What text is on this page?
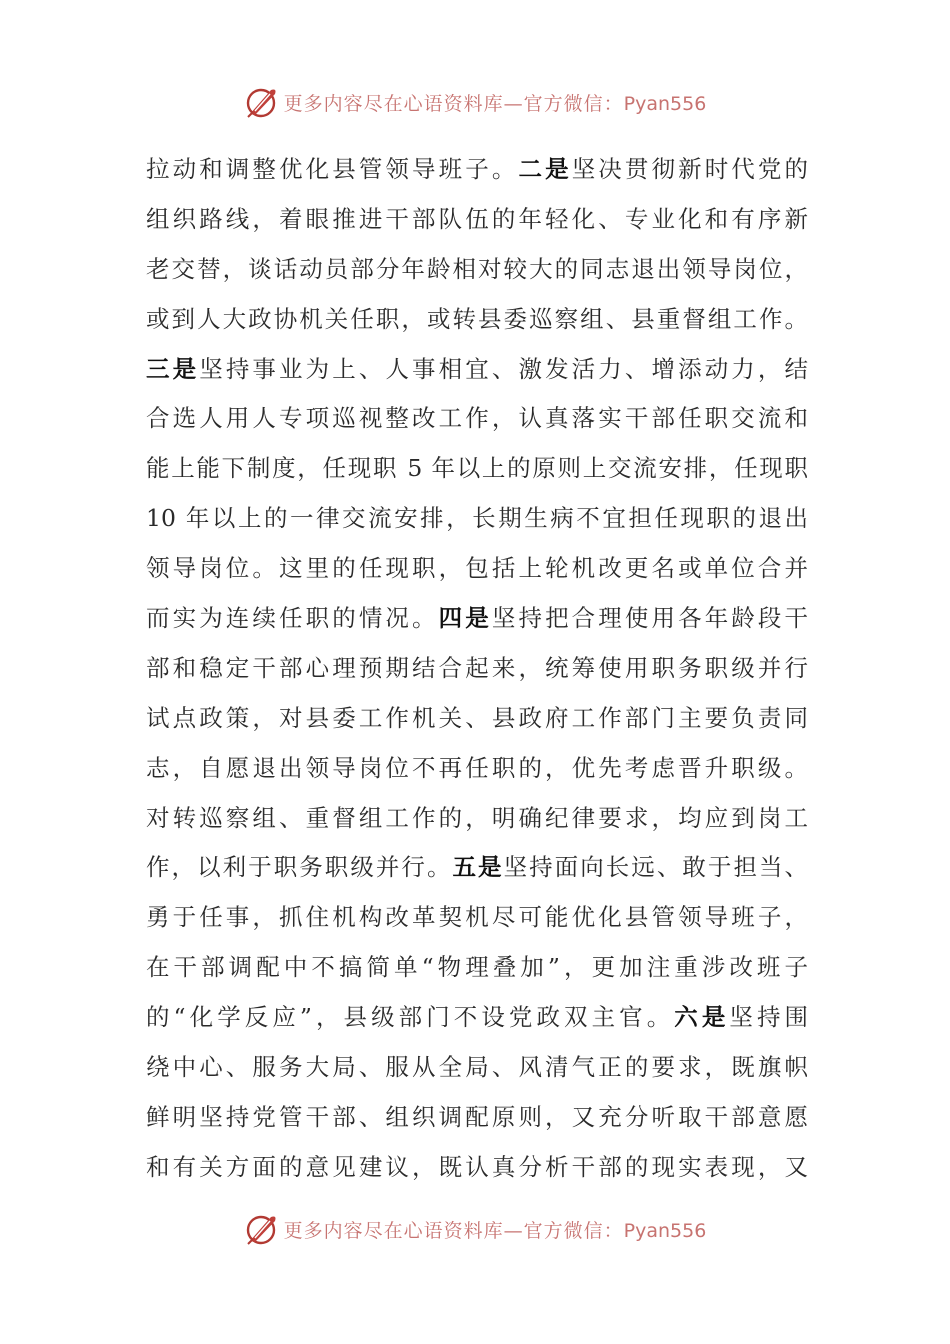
更多内容尽在心语资料库—官方微信：Pyan556
拉动和调整优化县管领导班子。二是坚决贯彻新时代党的
组织路线，着眼推进干部队伍的年轻化、专业化和有序新
老交替，谈话动员部分年龄相对较大的同志退出领导岗位，
或到人大政协机关任职，或转县委巡察组、县重督组工作。
三是坚持事业为上、人事相宜、激发活力、增添动力，结
合选人用人专项巡视整改工作，认真落实干部任职交流和
能上能下制度，任现职 5 年以上的原则上交流安排，任现职
10 年以上的一律交流安排，长期生病不宜担任现职的退出
领导岗位。这里的任现职，包括上轮机改更名或单位合并
而实为连续任职的情况。四是坚持把合理使用各年龄段干
部和稳定干部心理预期结合起来，统筹使用职务职级并行
试点政策，对县委工作机关、县政府工作部门主要负责同
志，自愿退出领导岗位不再任职的，优先考虑晋升职级。
对转巡察组、重督组工作的，明确纪律要求，均应到岗工
作，以利于职务职级并行。五是坚持面向长远、敢于担当、
勇于任事，抓住机构改革契机尽可能优化县管领导班子，
在干部调配中不搞简单“物理叠加”，更加注重涉改班子
的“化学反应”，县级部门不设党政双主官。六是坚持围
绕中心、服务大局、服从全局、风清气正的要求，既旗帜
鲜明坚持党管干部、组织调配原则，又充分听取干部意愿
和有关方面的意见建议，既认真分析干部的现实表现，又
更多内容尽在心语资料库—官方微信：Pyan556
